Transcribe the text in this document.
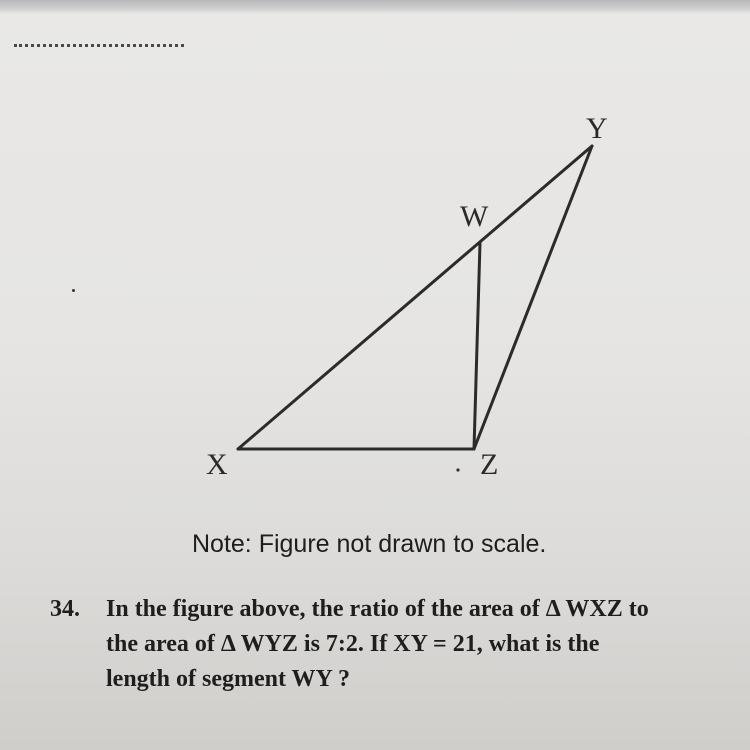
Y
W
X	Z
Note: Figure not drawn to scale.
34. In the figure above, the ratio of the area of Δ WXZ to
the area of Δ WYZ is 7:2. If XY = 21, what is the
length of segment WY ?
